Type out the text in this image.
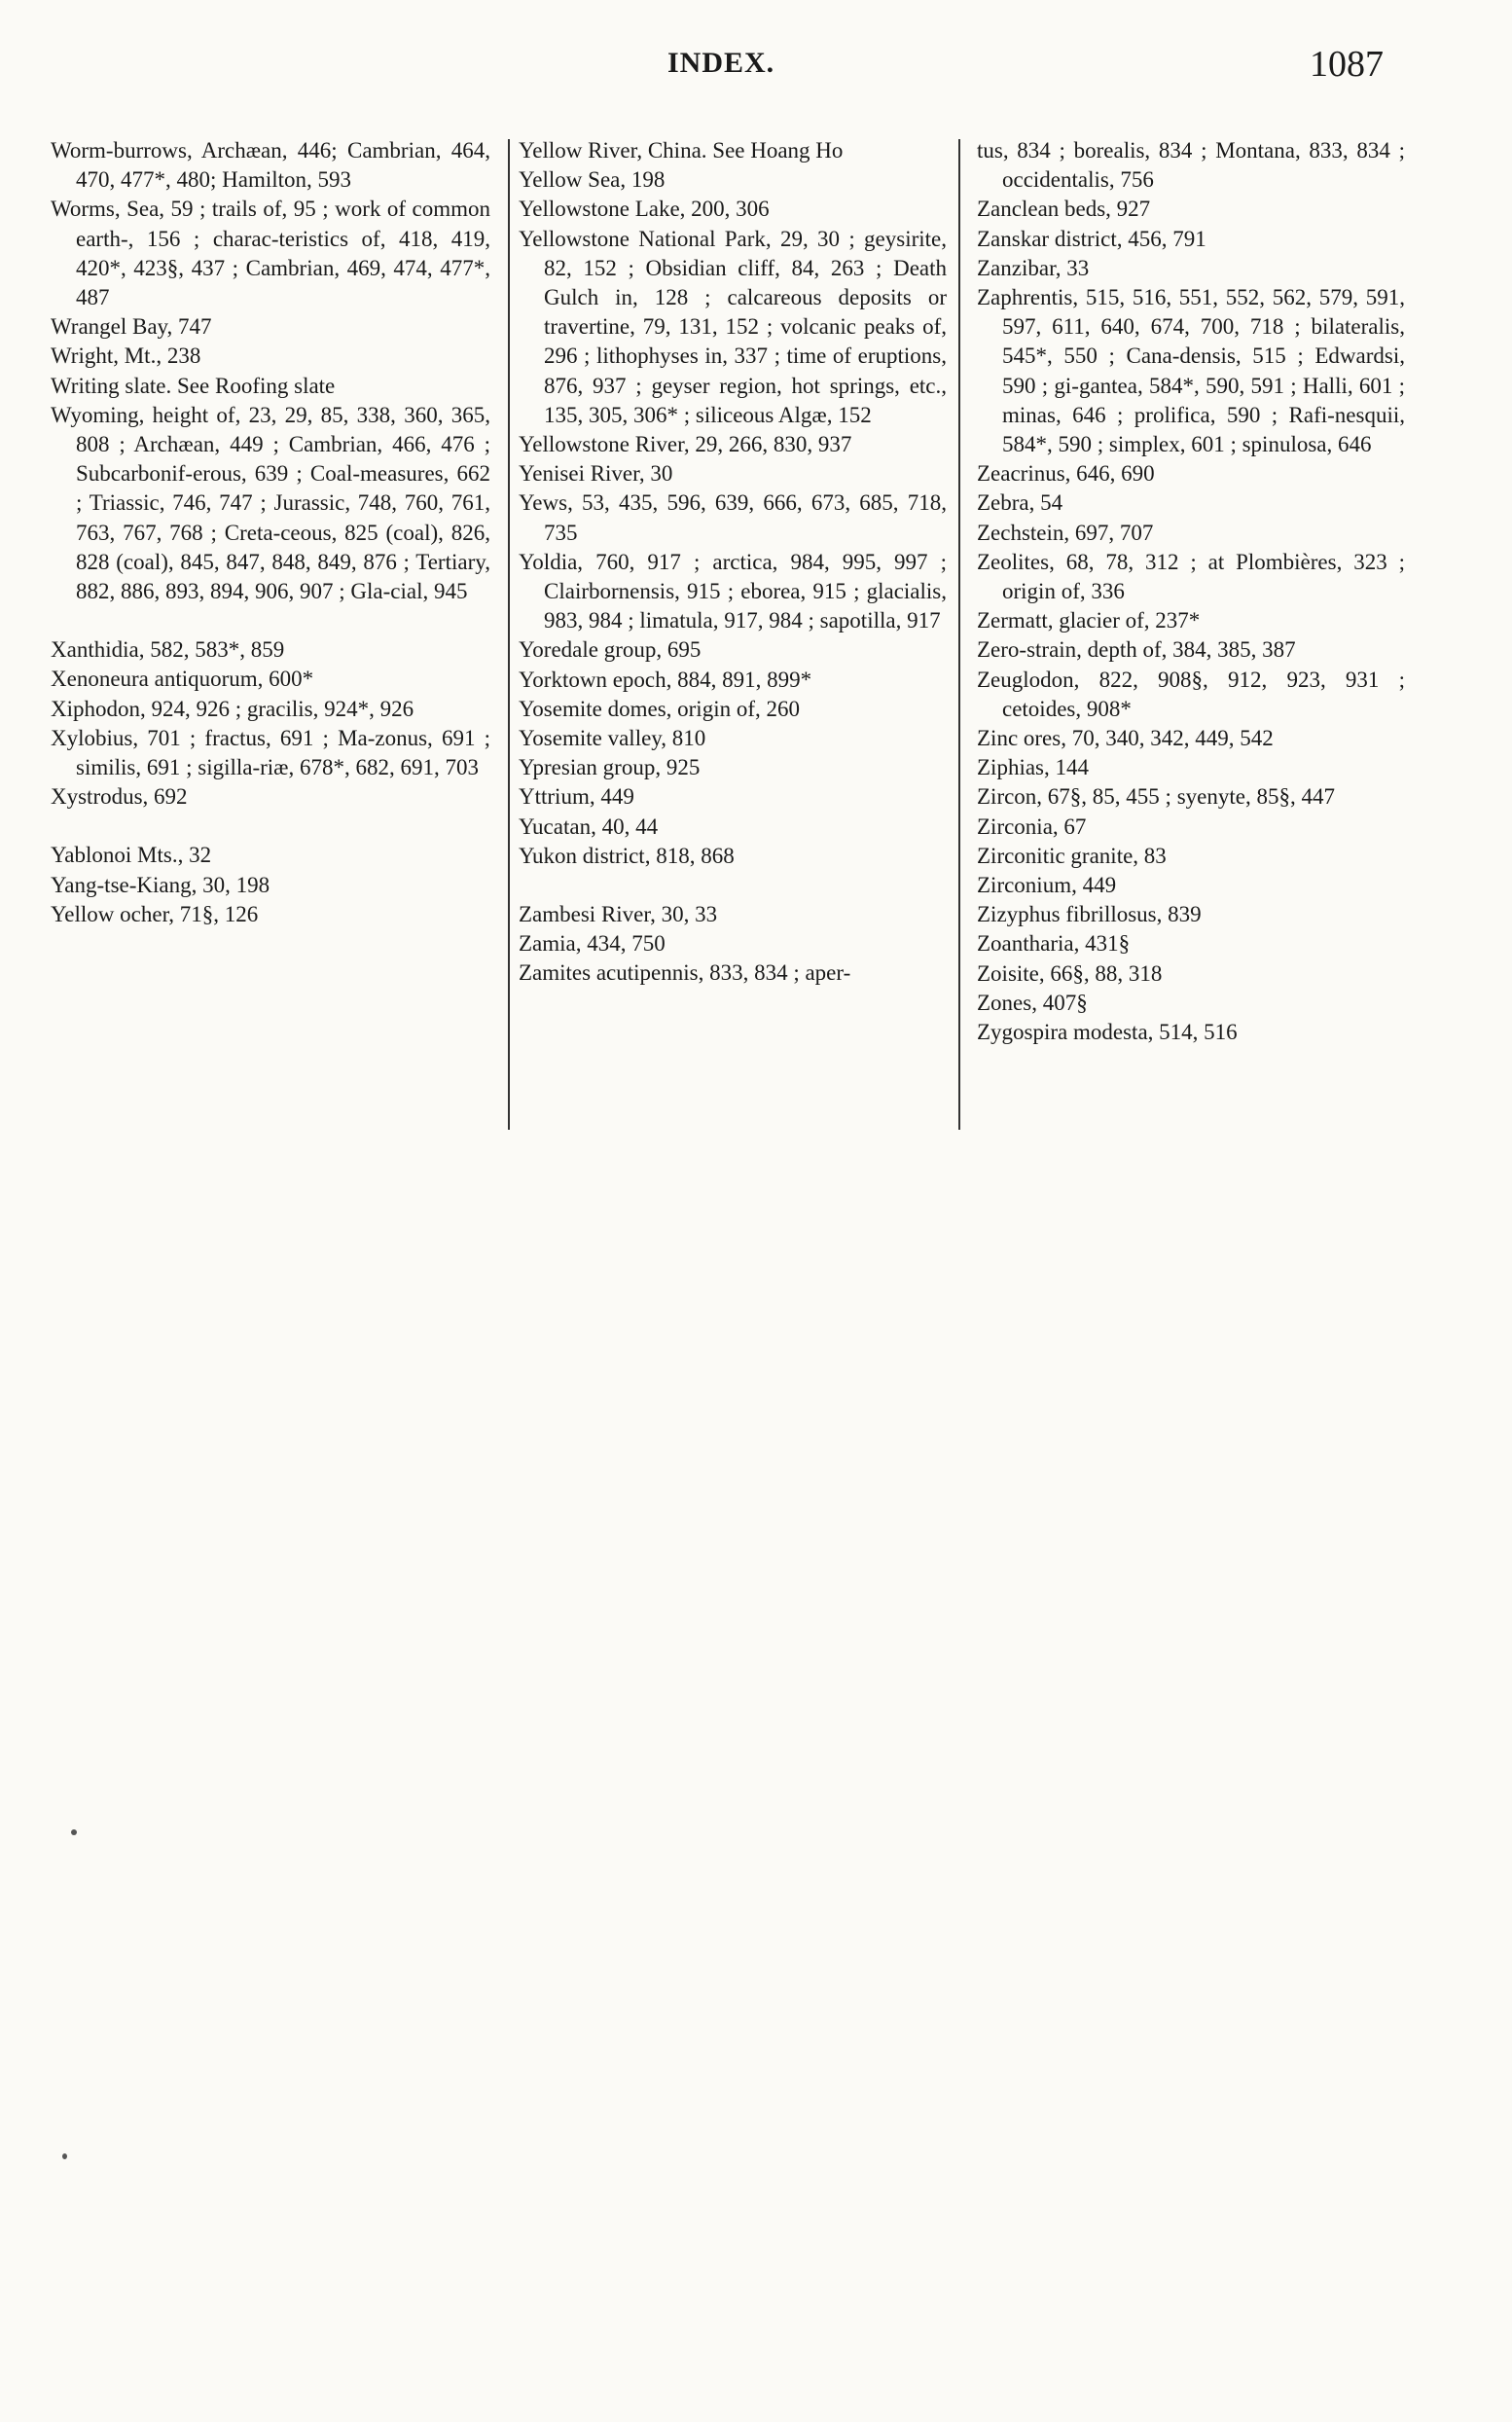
INDEX.	1087
Worm-burrows, Archæan, 446; Cambrian, 464, 470, 477*, 480; Hamilton, 593
Worms, Sea, 59 ; trails of, 95 ; work of common earth-, 156 ; charac-teristics of, 418, 419, 420*, 423§, 437 ; Cambrian, 469, 474, 477*, 487
Wrangel Bay, 747
Wright, Mt., 238
Writing slate. See Roofing slate
Wyoming, height of, 23, 29, 85, 338, 360, 365, 808 ; Archæan, 449 ; Cambrian, 466, 476 ; Subcarbonif-erous, 639 ; Coal-measures, 662 ; Triassic, 746, 747 ; Jurassic, 748, 760, 761, 763, 767, 768 ; Creta-ceous, 825 (coal), 826, 828 (coal), 845, 847, 848, 849, 876 ; Tertiary, 882, 886, 893, 894, 906, 907 ; Gla-cial, 945
Xanthidia, 582, 583*, 859
Xenoneura antiquorum, 600*
Xiphodon, 924, 926 ; gracilis, 924*, 926
Xylobius, 701 ; fractus, 691 ; Ma-zonus, 691 ; similis, 691 ; sigilla-riæ, 678*, 682, 691, 703
Xystrodus, 692
Yablonoi Mts., 32
Yang-tse-Kiang, 30, 198
Yellow ocher, 71§, 126
Yellow River, China. See Hoang Ho
Yellow Sea, 198
Yellowstone Lake, 200, 306
Yellowstone National Park, 29, 30 ; geysirite, 82, 152 ; Obsidian cliff, 84, 263 ; Death Gulch in, 128 ; calcareous deposits or travertine, 79, 131, 152 ; volcanic peaks of, 296 ; lithophyses in, 337 ; time of eruptions, 876, 937 ; geyser region, hot springs, etc., 135, 305, 306* ; siliceous Algæ, 152
Yellowstone River, 29, 266, 830, 937
Yenisei River, 30
Yews, 53, 435, 596, 639, 666, 673, 685, 718, 735
Yoldia, 760, 917 ; arctica, 984, 995, 997 ; Clairbornensis, 915 ; eborea, 915 ; glacialis, 983, 984 ; limatula, 917, 984 ; sapotilla, 917
Yoredale group, 695
Yorktown epoch, 884, 891, 899*
Yosemite domes, origin of, 260
Yosemite valley, 810
Ypresian group, 925
Yttrium, 449
Yucatan, 40, 44
Yukon district, 818, 868
Zambesi River, 30, 33
Zamia, 434, 750
Zamites acutipennis, 833, 834 ; aper-
tus, 834 ; borealis, 834 ; Montana, 833, 834 ; occidentalis, 756
Zanclean beds, 927
Zanskar district, 456, 791
Zanzibar, 33
Zaphrentis, 515, 516, 551, 552, 562, 579, 591, 597, 611, 640, 674, 700, 718 ; bilateralis, 545*, 550 ; Cana-densis, 515 ; Edwardsi, 590 ; gi-gantea, 584*, 590, 591 ; Halli, 601 ; minas, 646 ; prolifica, 590 ; Rafi-nesquii, 584*, 590 ; simplex, 601 ; spinulosa, 646
Zeacrinus, 646, 690
Zebra, 54
Zechstein, 697, 707
Zeolites, 68, 78, 312 ; at Plombières, 323 ; origin of, 336
Zermatt, glacier of, 237*
Zero-strain, depth of, 384, 385, 387
Zeuglodon, 822, 908§, 912, 923, 931 ; cetoides, 908*
Zinc ores, 70, 340, 342, 449, 542
Ziphias, 144
Zircon, 67§, 85, 455 ; syenyte, 85§, 447
Zirconia, 67
Zirconitic granite, 83
Zirconium, 449
Zizyphus fibrillosus, 839
Zoantharia, 431§
Zoisite, 66§, 88, 318
Zones, 407§
Zygospira modesta, 514, 516
